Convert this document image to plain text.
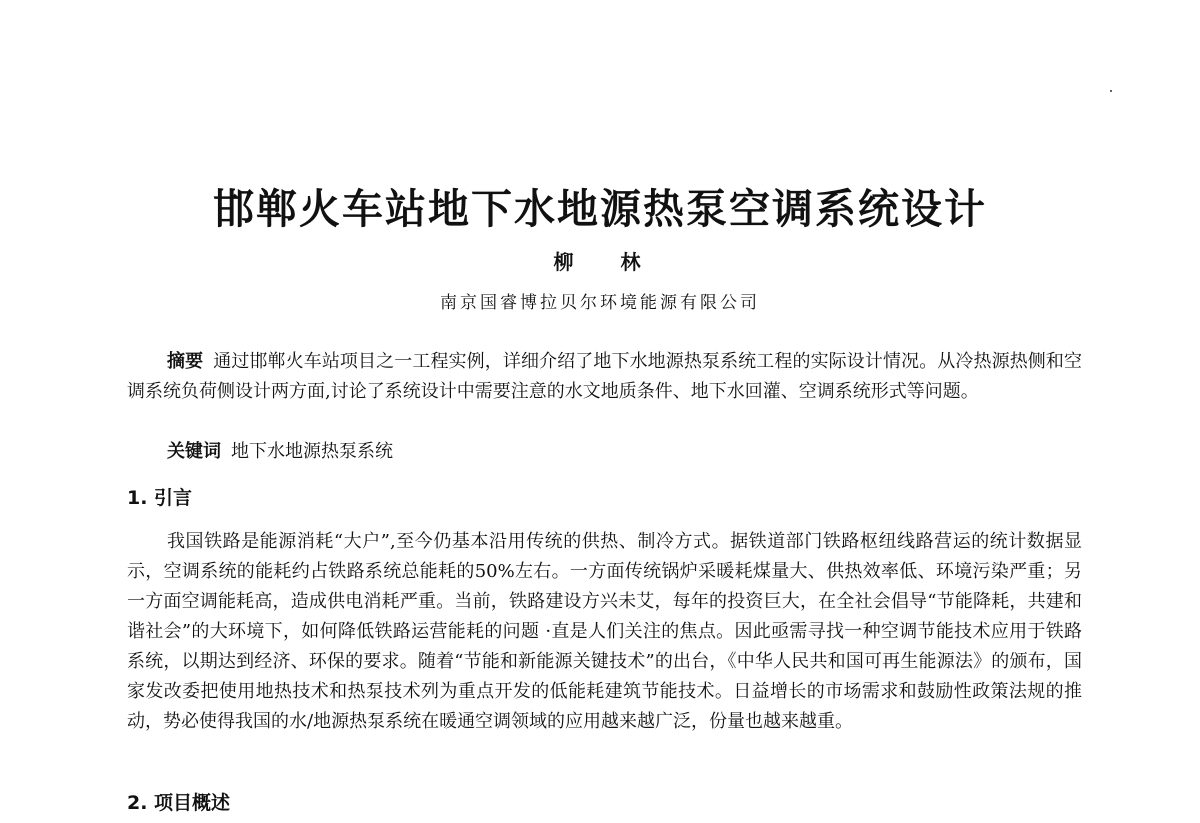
邯郸火车站地下水地源热泵空调系统设计
柳 林
南京国睿博拉贝尔环境能源有限公司

摘要 通过邯郸火车站项目之一工程实例，详细介绍了地下水地源热泵系统工程的实际设计情况。从冷热源热侧和空调系统负荷侧设计两方面,讨论了系统设计中需要注意的水文地质条件、地下水回灌、空调系统形式等问题。

关键词 地下水地源热泵系统

1. 引言

我国铁路是能源消耗“大户”,至今仍基本沿用传统的供热、制冷方式。据铁道部门铁路枢纽线路营运的统计数据显示，空调系统的能耗约占铁路系统总能耗的50%左右。一方面传统锅炉采暖耗煤量大、供热效率低、环境污染严重；另一方面空调能耗高，造成供电消耗严重。当前，铁路建设方兴未艾，每年的投资巨大，在全社会倡导“节能降耗，共建和谐社会”的大环境下，如何降低铁路运营能耗的问题 ·直是人们关注的焦点。因此亟需寻找一种空调节能技术应用于铁路系统，以期达到经济、环保的要求。随着“节能和新能源关键技术”的出台，《中华人民共和国可再生能源法》的颁布，国家发改委把使用地热技术和热泵技术列为重点开发的低能耗建筑节能技术。日益增长的市场需求和鼓励性政策法规的推动，势必使得我国的水/地源热泵系统在暖通空调领域的应用越来越广泛，份量也越来越重。

2. 项目概述
